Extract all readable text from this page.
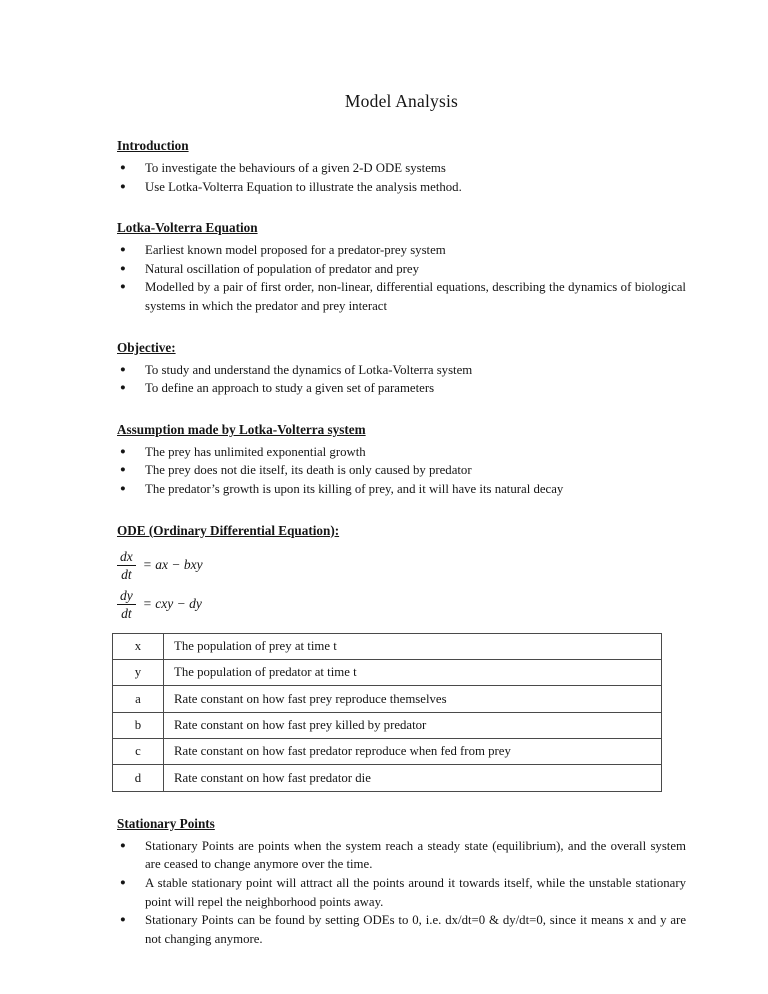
Model Analysis
Introduction
● To investigate the behaviours of a given 2-D ODE systems
● Use Lotka-Volterra Equation to illustrate the analysis method.
Lotka-Volterra Equation
● Earliest known model proposed for a predator-prey system
● Natural oscillation of population of predator and prey
● Modelled by a pair of first order, non-linear, differential equations, describing the dynamics of biological systems in which the predator and prey interact
Objective:
● To study and understand the dynamics of Lotka-Volterra system
● To define an approach to study a given set of parameters
Assumption made by Lotka-Volterra system
● The prey has unlimited exponential growth
● The prey does not die itself, its death is only caused by predator
● The predator’s growth is upon its killing of prey, and it will have its natural decay
ODE (Ordinary Differential Equation):
$\frac{dx}{dt}$ = ax − bxy
$\frac{dy}{dt}$ = cxy − dy
x	The population of prey at time t
y	The population of predator at time t
a	Rate constant on how fast prey reproduce themselves
b	Rate constant on how fast prey killed by predator
c	Rate constant on how fast predator reproduce when fed from prey
d	Rate constant on how fast predator die
Stationary Points
● Stationary Points are points when the system reach a steady state (equilibrium), and the overall system are ceased to change anymore over the time.
● A stable stationary point will attract all the points around it towards itself, while the unstable stationary point will repel the neighborhood points away.
● Stationary Points can be found by setting ODEs to 0, i.e. dx/dt=0 & dy/dt=0, since it means x and y are not changing anymore.
